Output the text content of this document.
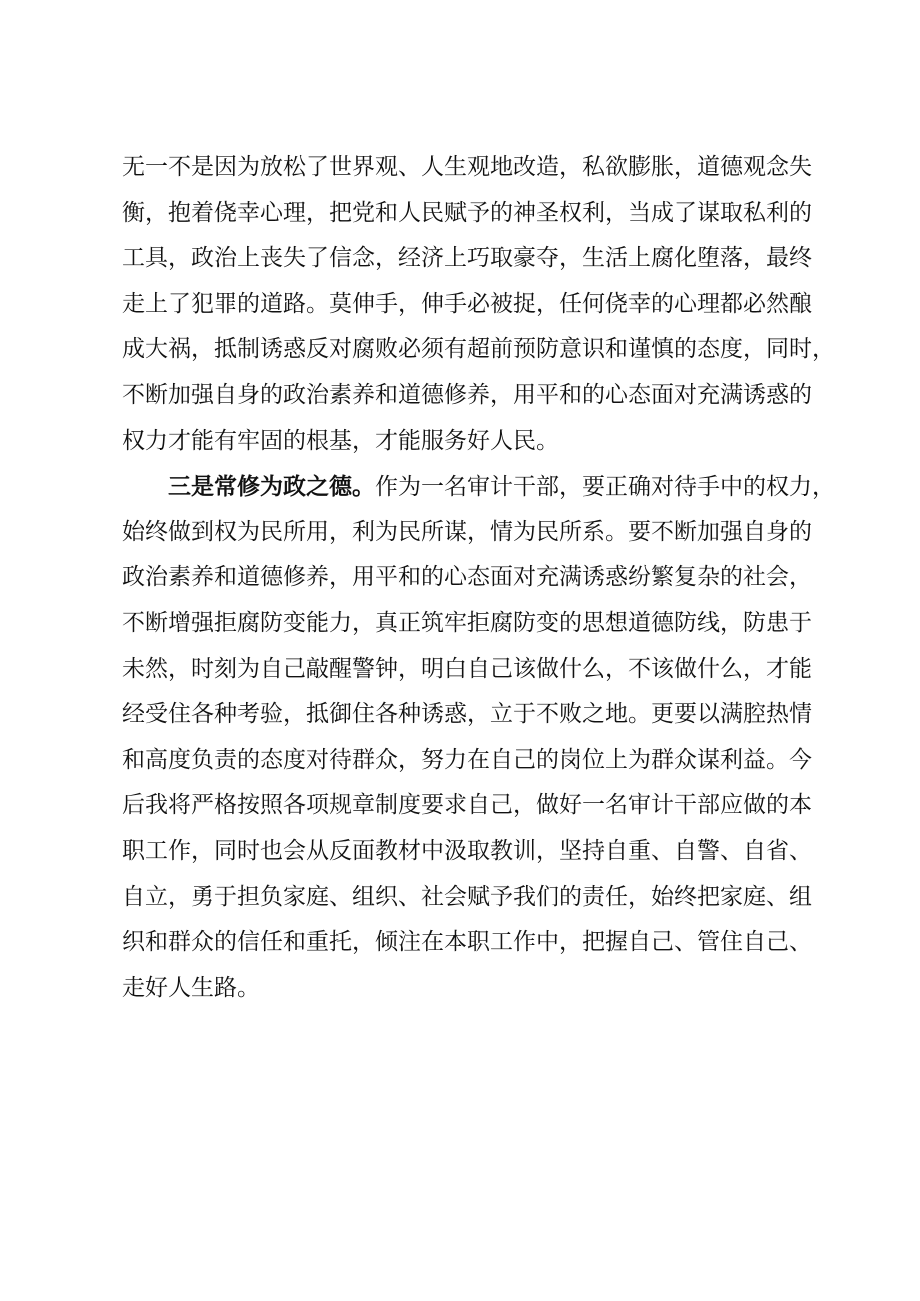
无一不是因为放松了世界观、人生观地改造，私欲膨胀，道德观念失
衡，抱着侥幸心理，把党和人民赋予的神圣权利，当成了谋取私利的
工具，政治上丧失了信念，经济上巧取豪夺，生活上腐化堕落，最终
走上了犯罪的道路。莫伸手，伸手必被捉，任何侥幸的心理都必然酿
成大祸，抵制诱惑反对腐败必须有超前预防意识和谨慎的态度，同时，
不断加强自身的政治素养和道德修养，用平和的心态面对充满诱惑的
权力才能有牢固的根基，才能服务好人民。
三是常修为政之德。作为一名审计干部，要正确对待手中的权力，
始终做到权为民所用，利为民所谋，情为民所系。要不断加强自身的
政治素养和道德修养，用平和的心态面对充满诱惑纷繁复杂的社会，
不断增强拒腐防变能力，真正筑牢拒腐防变的思想道德防线，防患于
未然，时刻为自己敲醒警钟，明白自己该做什么，不该做什么，才能
经受住各种考验，抵御住各种诱惑，立于不败之地。更要以满腔热情
和高度负责的态度对待群众，努力在自己的岗位上为群众谋利益。今
后我将严格按照各项规章制度要求自己，做好一名审计干部应做的本
职工作，同时也会从反面教材中汲取教训，坚持自重、自警、自省、
自立，勇于担负家庭、组织、社会赋予我们的责任，始终把家庭、组
织和群众的信任和重托，倾注在本职工作中，把握自己、管住自己、
走好人生路。
